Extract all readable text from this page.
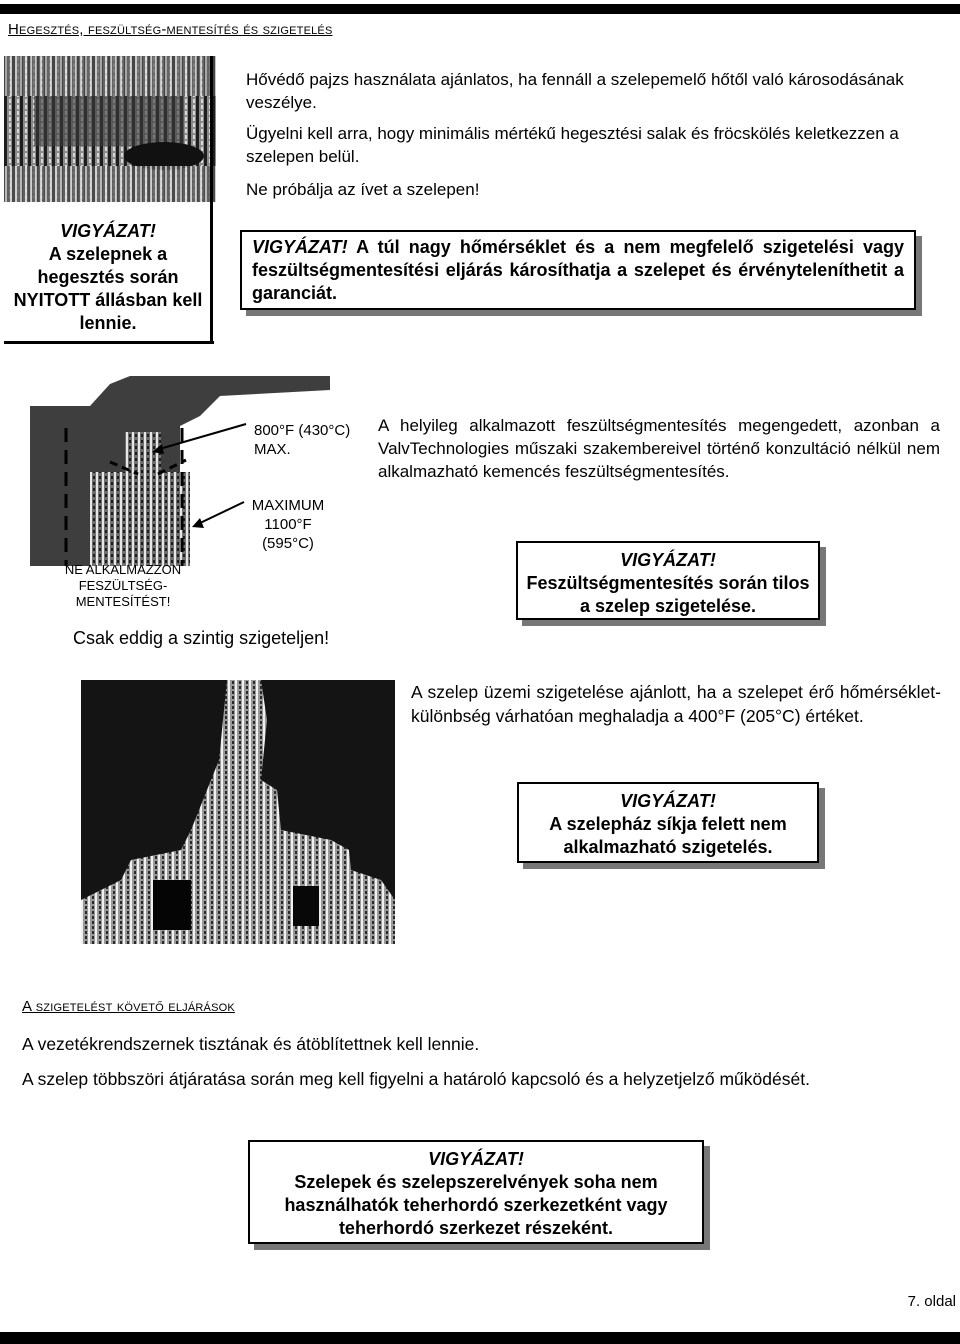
Hegesztés, feszültség-mentesítés és szigetelés
Hővédő pajzs használata ajánlatos, ha fennáll a szelepemelő hőtől való károsodásának veszélye.
Ügyelni kell arra, hogy minimális mértékű hegesztési salak és fröcskölés keletkezzen a szelepen belül.
Ne próbálja az ívet a szelepen!
VIGYÁZAT!
A szelepnek a hegesztés során NYITOTT állásban kell lennie.
VIGYÁZAT! A túl nagy hőmérséklet és a nem megfelelő szigetelési vagy feszültségmentesítési eljárás károsíthatja a szelepet és érvényteleníthetit a garanciát.
NE ALKALMAZZON FESZÜLTSÉG-MENTESÍTÉST!
800°F (430°C) MAX.
MAXIMUM 1100°F (595°C)
Csak eddig a szintig szigeteljen!
A helyileg alkalmazott feszültségmentesítés megengedett, azonban a ValvTechnologies műszaki szakembereivel történő konzultáció nélkül nem alkalmazható kemencés feszültségmentesítés.
VIGYÁZAT!
Feszültségmentesítés során tilos a szelep szigetelése.
A szelep üzemi szigetelése ajánlott, ha a szelepet érő hőmérséklet-különbség várhatóan meghaladja a 400°F (205°C) értéket.
VIGYÁZAT!
A szelepház síkja felett nem alkalmazható szigetelés.
A szigetelést követő eljárások
A vezetékrendszernek tisztának és átöblítettnek kell lennie.
A szelep többszöri átjáratása során meg kell figyelni a határoló kapcsoló és a helyzetjelző működését.
VIGYÁZAT!
Szelepek és szelepszerelvények soha nem használhatók teherhordó szerkezetként vagy teherhordó szerkezet részeként.
7. oldal
